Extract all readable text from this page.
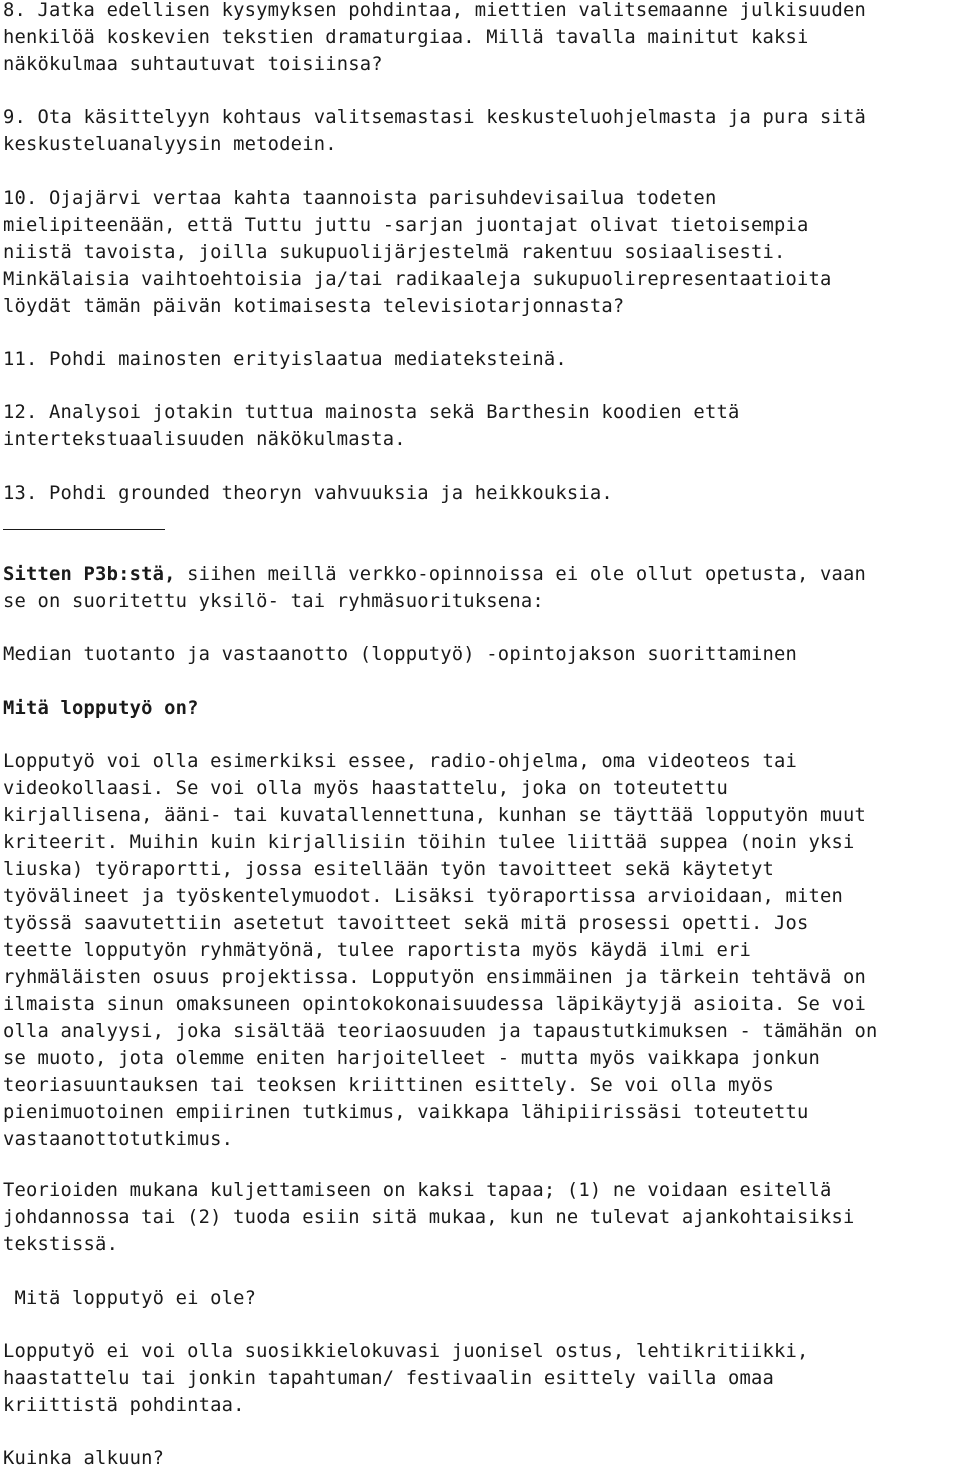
8. Jatka edellisen kysymyksen pohdintaa, miettien valitsemaanne julkisuuden
henkilöä koskevien tekstien dramaturgiaa. Millä tavalla mainitut kaksi
näkökulmaa suhtautuvat toisiinsa?

9. Ota käsittelyyn kohtaus valitsemastasi keskusteluohjelmasta ja pura sitä
keskusteluanalyysin metodein.

10. Ojajärvi vertaa kahta taannoista parisuhdevisailua todeten
mielipiteenään, että Tuttu juttu -sarjan juontajat olivat tietoisempia
niistä tavoista, joilla sukupuolijärjestelmä rakentuu sosiaalisesti.
Minkälaisia vaihtoehtoisia ja/tai radikaaleja sukupuolirepresentaatioita
löydät tämän päivän kotimaisesta televisiotarjonnasta?

11. Pohdi mainosten erityislaatua mediateksteinä.

12. Analysoi jotakin tuttua mainosta sekä Barthesin koodien että
intertekstuaalisuuden näkökulmasta.

13. Pohdi grounded theoryn vahvuuksia ja heikkouksia.

Sitten P3b:stä, siihen meillä verkko-opinnoissa ei ole ollut opetusta, vaan
se on suoritettu yksilö- tai ryhmäsuorituksena:

Median tuotanto ja vastaanotto (lopputyö) -opintojakson suorittaminen

Mitä lopputyö on?

Lopputyö voi olla esimerkiksi essee, radio-ohjelma, oma videoteos tai
videokollaasi. Se voi olla myös haastattelu, joka on toteutettu
kirjallisena, ääni- tai kuvatallennettuna, kunhan se täyttää lopputyön muut
kriteerit. Muihin kuin kirjallisiin töihin tulee liittää suppea (noin yksi
liuska) työraportti, jossa esitellään työn tavoitteet sekä käytetyt
työvälineet ja työskentelymuodot. Lisäksi työraportissa arvioidaan, miten
työssä saavutettiin asetetut tavoitteet sekä mitä prosessi opetti. Jos
teette lopputyön ryhmätyönä, tulee raportista myös käydä ilmi eri
ryhmäläisten osuus projektissa. Lopputyön ensimmäinen ja tärkein tehtävä on
ilmaista sinun omaksuneen opintokokonaisuudessa läpikäytyjä asioita. Se voi
olla analyysi, joka sisältää teoriaosuuden ja tapaustutkimuksen - tämähän on
se muoto, jota olemme eniten harjoitelleet - mutta myös vaikkapa jonkun
teoriasuuntauksen tai teoksen kriittinen esittely. Se voi olla myös
pienimuotoinen empiirinen tutkimus, vaikkapa lähipiirissäsi toteutettu
vastaanottotutkimus.

Teorioiden mukana kuljettamiseen on kaksi tapaa; (1) ne voidaan esitellä
johdannossa tai (2) tuoda esiin sitä mukaa, kun ne tulevat ajankohtaisiksi
tekstissä.

Mitä lopputyö ei ole?

Lopputyö ei voi olla suosikkielokuvasi juonisel ostus, lehtikritiikki,
haastattelu tai jonkin tapahtuman/ festivaalin esittely vailla omaa
kriittistä pohdintaa.

Kuinka alkuun?
